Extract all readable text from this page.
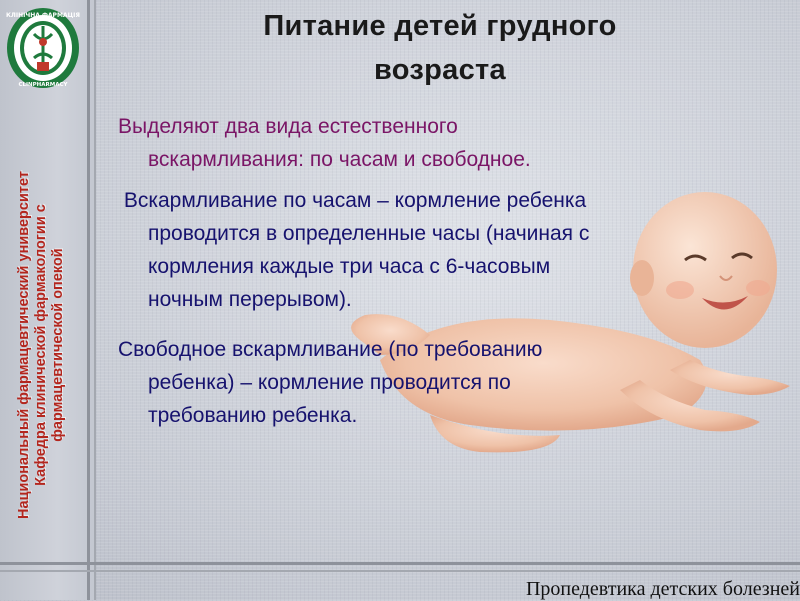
КЛІНІЧНА ФАРМАЦІЯ
CLINPHARMACY
Национальный фармацевтический университет Кафедра клинической фармакологии с фармацевтической опекой
Питание детей грудного
возраста
Выделяют два вида естественного
вскармливания: по часам и свободное.
Вскармливание по часам – кормление ребенка
проводится в определенные часы (начиная с
кормления каждые три часа с 6-часовым
ночным перерывом).
Свободное вскармливание (по требованию
ребенка) – кормление проводится по
требованию ребенка.
Пропедевтика детских болезней
